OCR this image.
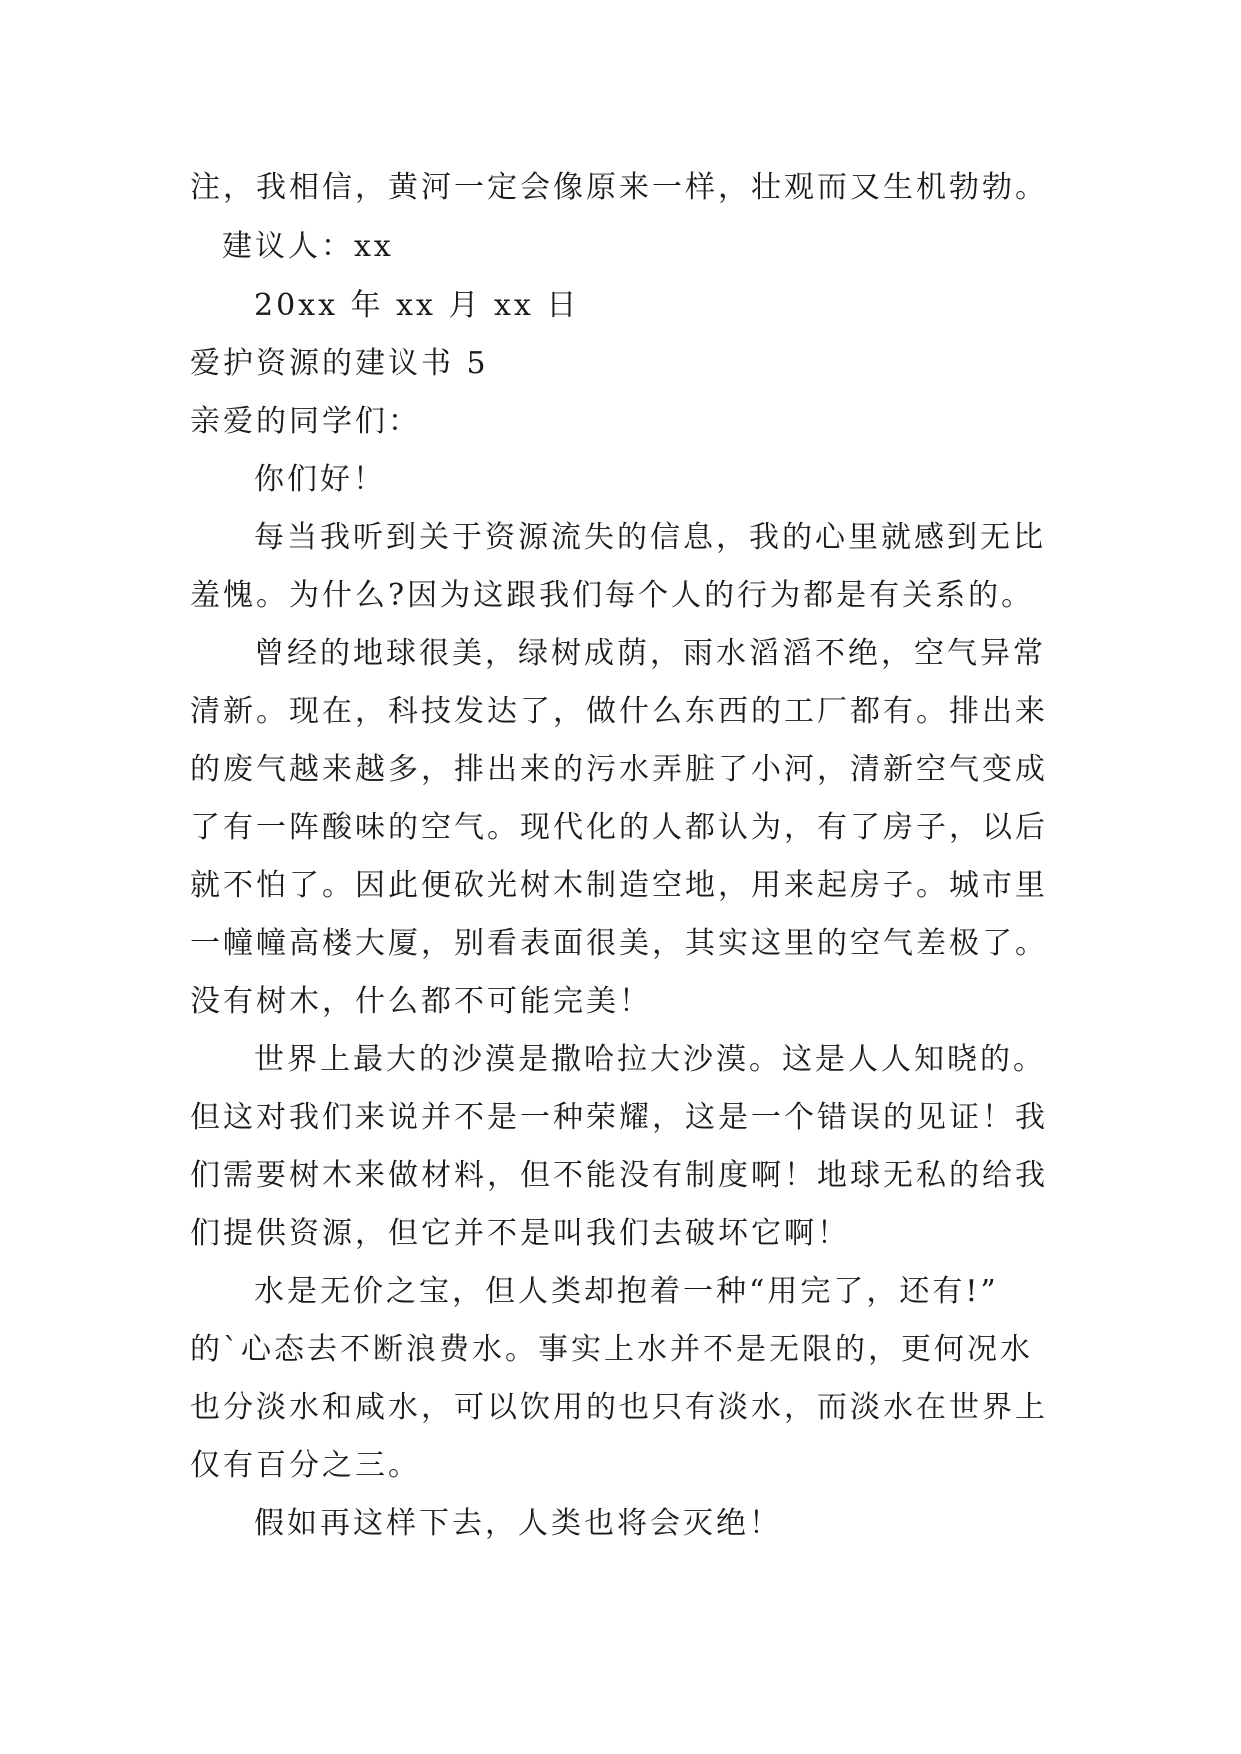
注，我相信，黄河一定会像原来一样，壮观而又生机勃勃。
建议人：xx
20xx 年 xx 月 xx 日
爱护资源的建议书 5
亲爱的同学们：
你们好！
每当我听到关于资源流失的信息，我的心里就感到无比
羞愧。为什么?因为这跟我们每个人的行为都是有关系的。
曾经的地球很美，绿树成荫，雨水滔滔不绝，空气异常
清新。现在，科技发达了，做什么东西的工厂都有。排出来
的废气越来越多，排出来的污水弄脏了小河，清新空气变成
了有一阵酸味的空气。现代化的人都认为，有了房子，以后
就不怕了。因此便砍光树木制造空地，用来起房子。城市里
一幢幢高楼大厦，别看表面很美，其实这里的空气差极了。
没有树木，什么都不可能完美！
世界上最大的沙漠是撒哈拉大沙漠。这是人人知晓的。
但这对我们来说并不是一种荣耀，这是一个错误的见证！我
们需要树木来做材料，但不能没有制度啊！地球无私的给我
们提供资源，但它并不是叫我们去破坏它啊！
水是无价之宝，但人类却抱着一种“用完了，还有!”
的`心态去不断浪费水。事实上水并不是无限的，更何况水
也分淡水和咸水，可以饮用的也只有淡水，而淡水在世界上
仅有百分之三。
假如再这样下去，人类也将会灭绝！
